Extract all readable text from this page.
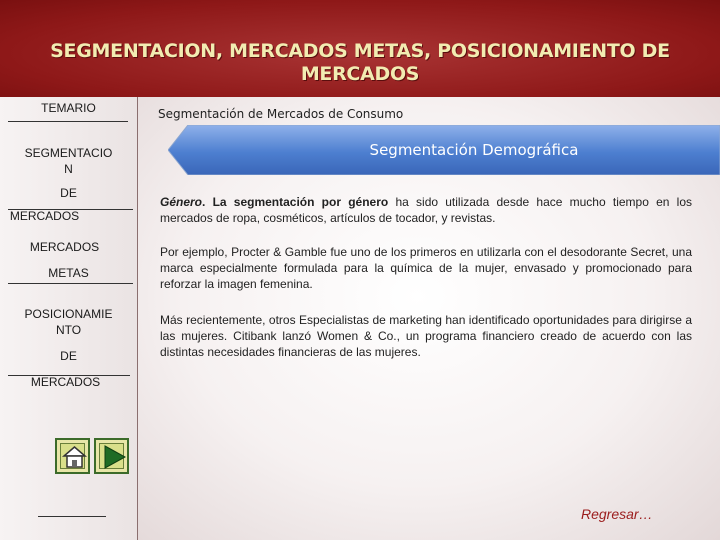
SEGMENTACION, MERCADOS METAS, POSICIONAMIENTO DE
MERCADOS
TEMARIO
SEGMENTACIO
N
DE
MERCADOS
MERCADOS
METAS
POSICIONAMIE
NTO
DE
MERCADOS
Segmentación de Mercados de Consumo
Segmentación Demográfica
Género. La segmentación por género ha sido utilizada desde hace mucho tiempo en los mercados de ropa, cosméticos, artículos de tocador, y revistas.
Por ejemplo, Procter & Gamble fue uno de los primeros en utilizarla con el desodorante Secret, una marca especialmente formulada para la química de la mujer, envasado y promocionado para reforzar la imagen femenina.
Más recientemente, otros Especialistas de marketing han identificado oportunidades para dirigirse a las mujeres. Citibank lanzó Women & Co., un programa financiero creado de acuerdo con las distintas necesidades financieras de las mujeres.
Regresar…
